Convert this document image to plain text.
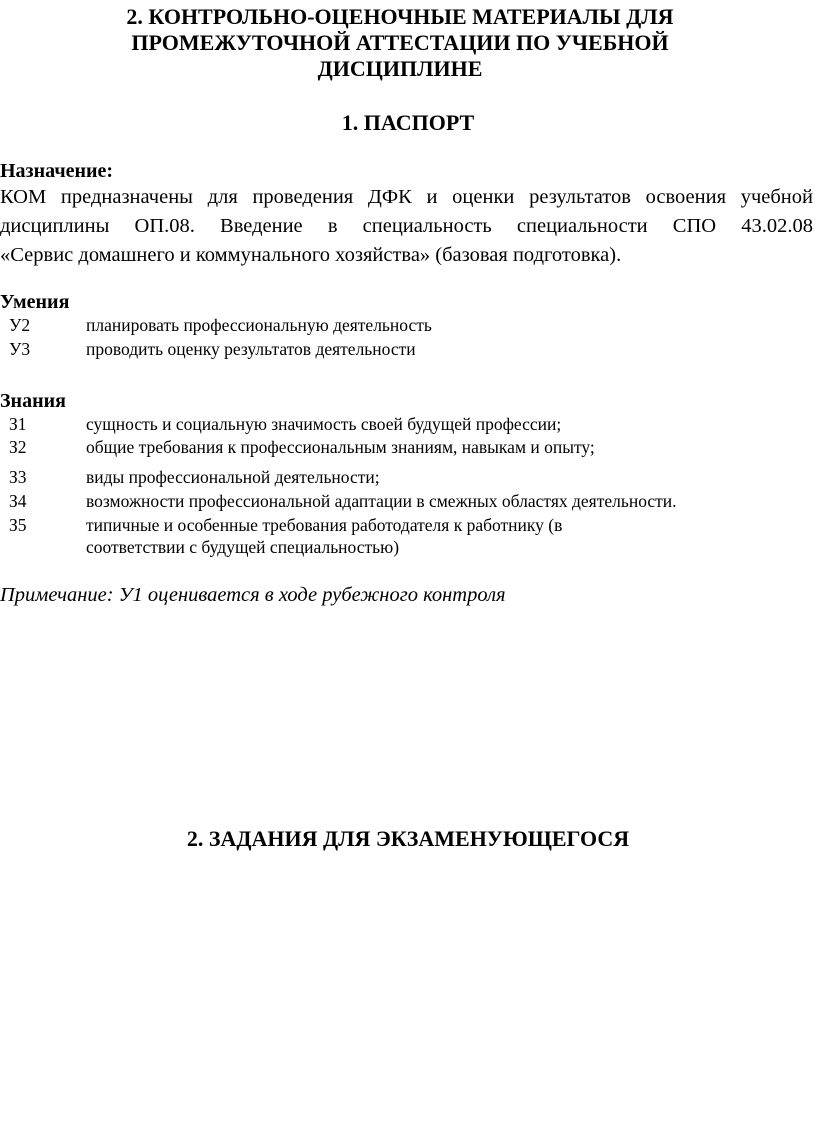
2. КОНТРОЛЬНО-ОЦЕНОЧНЫЕ МАТЕРИАЛЫ ДЛЯ
ПРОМЕЖУТОЧНОЙ АТТЕСТАЦИИ ПО УЧЕБНОЙ
ДИСЦИПЛИНЕ
1. ПАСПОРТ
Назначение:
КОМ предназначены для проведения ДФК и оценки результатов освоения учебной
дисциплины ОП.08. Введение в специальность специальности СПО 43.02.08
«Сервис домашнего и коммунального хозяйства» (базовая подготовка).
Умения
У2	планировать профессиональную деятельность
У3	проводить оценку результатов деятельности
Знания
З1	сущность и социальную значимость своей будущей профессии;
З2	общие требования к профессиональным знаниям, навыкам и опыту;
З3	виды профессиональной деятельности;
З4	возможности профессиональной адаптации в смежных областях деятельности.
З5	типичные и особенные требования работодателя к работнику (в
соответствии с будущей специальностью)
Примечание: У1 оценивается в ходе рубежного контроля
2. ЗАДАНИЯ ДЛЯ ЭКЗАМЕНУЮЩЕГОСЯ
